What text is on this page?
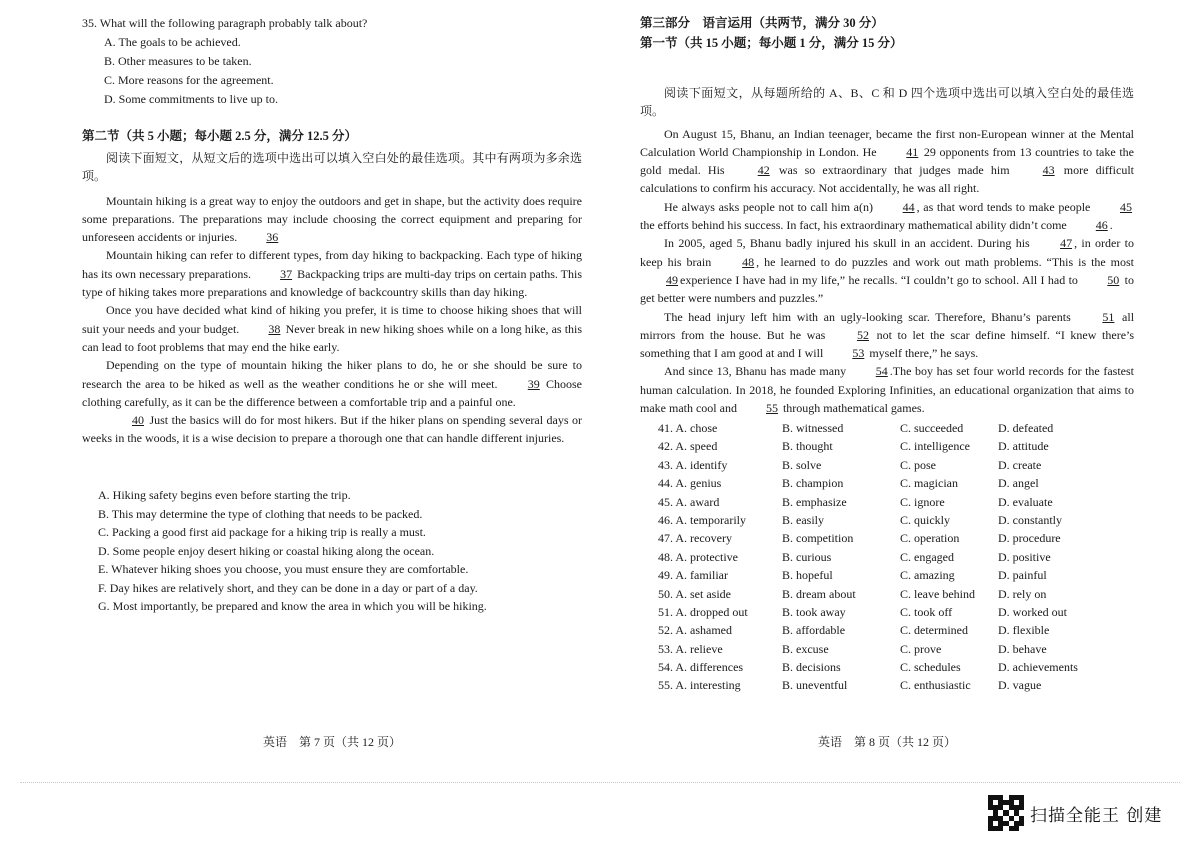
35. What will the following paragraph probably talk about?
A. The goals to be achieved.
B. Other measures to be taken.
C. More reasons for the agreement.
D. Some commitments to live up to.
第二节（共 5 小题；每小题 2.5 分，满分 12.5 分）

阅读下面短文，从短文后的选项中选出可以填入空白处的最佳选项。其中有两项为多余选项。

Mountain hiking is a great way to enjoy the outdoors and get in shape, but the activity does require some preparations. The preparations may include choosing the correct equipment and preparing for unforeseen accidents or injuries. 36

Mountain hiking can refer to different types, from day hiking to backpacking. Each type of hiking has its own necessary preparations. 37 Backpacking trips are multi-day trips on certain paths. This type of hiking takes more preparations and knowledge of backcountry skills than day hiking.

Once you have decided what kind of hiking you prefer, it is time to choose hiking shoes that will suit your needs and your budget. 38 Never break in new hiking shoes while on a long hike, as this can lead to foot problems that may end the hike early.

Depending on the type of mountain hiking the hiker plans to do, he or she should be sure to research the area to be hiked as well as the weather conditions he or she will meet.	39 Choose clothing carefully, as it can be the difference between a comfortable trip and a painful one.

40 Just the basics will do for most hikers. But if the hiker plans on spending several days or weeks in the woods, it is a wise decision to prepare a thorough one that can handle different injuries.

A. Hiking safety begins even before starting the trip.
B. This may determine the type of clothing that needs to be packed.
C. Packing a good first aid package for a hiking trip is really a must.
D. Some people enjoy desert hiking or coastal hiking along the ocean.
E. Whatever hiking shoes you choose, you must ensure they are comfortable.
F. Day hikes are relatively short, and they can be done in a day or part of a day.
G. Most importantly, be prepared and know the area in which you will be hiking.
英语　第 7 页（共 12 页）
第三部分　语言运用（共两节，满分 30 分）
第一节（共 15 小题；每小题 1 分，满分 15 分）

阅读下面短文，从每题所给的 A、B、C 和 D 四个选项中选出可以填入空白处的最佳选项。

On August 15, Bhanu, an Indian teenager, became the first non-European winner at the Mental Calculation World Championship in London. He 41 29 opponents from 13 countries to take the gold medal. His	42 was so extraordinary that judges made him	43 more difficult calculations to confirm his accuracy. Not accidentally, he was all right.

He always asks people not to call him a(n) 44 , as that word tends to make people 45 the efforts behind his success. In fact, his extraordinary mathematical ability didn’t come 46 .

In 2005, aged 5, Bhanu badly injured his skull in an accident. During his	47 , in order to keep his brain	48 , he learned to do puzzles and work out math problems. “This is the most 49 experience I have had in my life,” he recalls. “I couldn’t go to school. All I had to 50 to get better were numbers and puzzles.”

The head injury left him with an ugly-looking scar. Therefore, Bhanu’s parents	51 all mirrors from the house. But he was	52 not to let the scar define himself. “I knew there’s something that I am good at and I will 53 myself there,” he says.

And since 13, Bhanu has made many 54 .The boy has set four world records for the fastest human calculation. In 2018, he founded Exploring Infinities, an educational organization that aims to make math cool and 55 through mathematical games.

41. A. chose	B. witnessed	C. succeeded	D. defeated
42. A. speed	B. thought	C. intelligence	D. attitude
43. A. identify	B. solve	C. pose	D. create
44. A. genius	B. champion	C. magician	D. angel
45. A. award	B. emphasize	C. ignore	D. evaluate
46. A. temporarily	B. easily	C. quickly	D. constantly
47. A. recovery	B. competition	C. operation	D. procedure
48. A. protective	B. curious	C. engaged	D. positive
49. A. familiar	B. hopeful	C. amazing	D. painful
50. A. set aside	B. dream about	C. leave behind	D. rely on
51. A. dropped out	B. took away	C. took off	D. worked out
52. A. ashamed	B. affordable	C. determined	D. flexible
53. A. relieve	B. excuse	C. prove	D. behave
54. A. differences	B. decisions	C. schedules	D. achievements
55. A. interesting	B. uneventful	C. enthusiastic	D. vague
英语　第 8 页（共 12 页）
扫描全能王 创建
